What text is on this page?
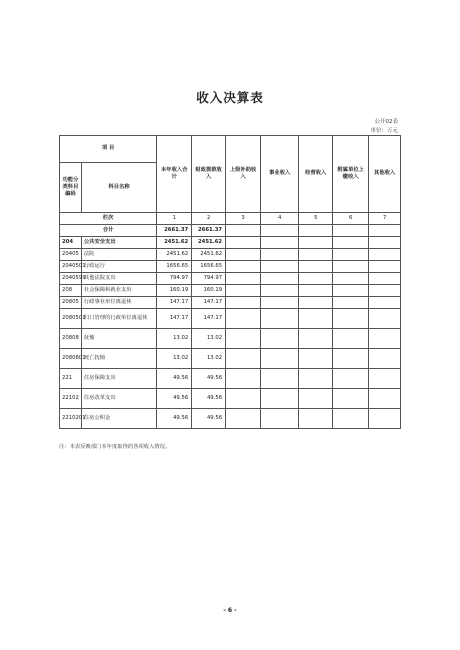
收入决算表
公开02表
单位：万元
项 目		本年收入合计	财政拨款收入	上级补助收入	事业收入	经营收入	附属单位上缴收入	其他收入
功能分类科目编码	科目名称							
栏次		1	2	3	4	5	6	7
合计		2661.37	2661.37					
204	公共安全支出	2451.62	2451.62					
20405	法院	2451.62	2451.62					
2040501	行政运行	1656.65	1656.65					
2040599	其他法院支出	794.97	794.97					
208	社会保障和就业支出	160.19	160.19					
20805	行政事业单位离退休	147.17	147.17					
2080501	归口管理的行政单位离退休	147.17	147.17					
20808	抚恤	13.02	13.02					
2080801	死亡抚恤	13.02	13.02					
221	住房保障支出	49.56	49.56					
22102	住房改革支出	49.56	49.56					
2210201	住房公积金	49.56	49.56					
注：本表反映部门本年度取得的各项收入情况。
- 6 -
